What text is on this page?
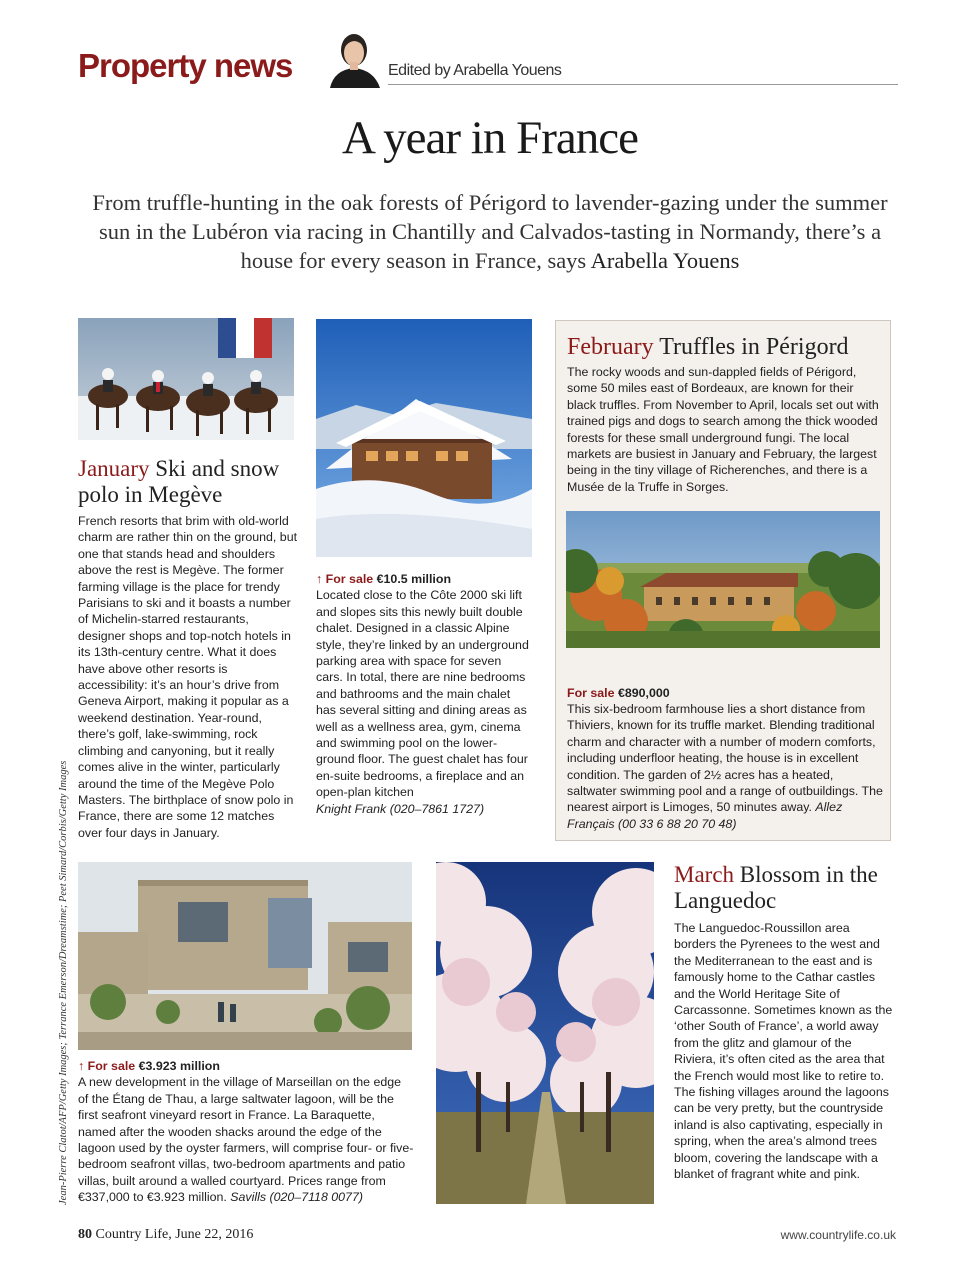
Property news	Edited by Arabella Youens
A year in France
From truffle-hunting in the oak forests of Périgord to lavender-gazing under the summer sun in the Lubéron via racing in Chantilly and Calvados-tasting in Normandy, there’s a house for every season in France, says Arabella Youens
January Ski and snow polo in Megève

French resorts that brim with old-world charm are rather thin on the ground, but one that stands head and shoulders above the rest is Megève. The former farming village is the place for trendy Parisians to ski and it boasts a number of Michelin-starred restaurants, designer shops and top-notch hotels in its 13th-century centre. What it does have above other resorts is accessibility: it’s an hour’s drive from Geneva Airport, making it popular as a weekend destination. Year-round, there’s golf, lake-swimming, rock climbing and canyoning, but it really comes alive in the winter, particularly around the time of the Megève Polo Masters. The birthplace of snow polo in France, there are some 12 matches over four days in January.

↑ For sale €10.5 million

Located close to the Côte 2000 ski lift and slopes sits this newly built double chalet. Designed in a classic Alpine style, they’re linked by an underground parking area with space for seven cars. In total, there are nine bedrooms and bathrooms and the main chalet has several sitting and dining areas as well as a wellness area, gym, cinema and swimming pool on the lower-ground floor. The guest chalet has four en-suite bedrooms, a fireplace and an open-plan kitchen

Knight Frank (020–7861 1727)

February Truffles in Périgord

The rocky woods and sun-dappled fields of Périgord, some 50 miles east of Bordeaux, are known for their black truffles. From November to April, locals set out with trained pigs and dogs to search among the thick wooded forests for these small underground fungi. The local markets are busiest in January and February, the largest being in the tiny village of Richerenches, and there is a Musée de la Truffe in Sorges.

For sale €890,000

This six-bedroom farmhouse lies a short distance from Thiviers, known for its truffle market. Blending traditional charm and character with a number of modern comforts, including underfloor heating, the house is in excellent condition. The garden of 2½ acres has a heated, saltwater swimming pool and a range of outbuildings. The nearest airport is Limoges, 50 minutes away. Allez Français (00 33 6 88 20 70 48)

Jean-Pierre Clatot/AFP/Getty Images; Terrance Emerson/Dreamstime; Peet Simard/Corbis/Getty Images ↑ For sale €3.923 million

A new development in the village of Marseillan on the edge of the Étang de Thau, a large saltwater lagoon, will be the first seafront vineyard resort in France. La Baraquette, named after the wooden shacks around the edge of the lagoon used by the oyster farmers, will comprise four- or five-bedroom seafront villas, two-bedroom apartments and patio villas, built around a walled courtyard. Prices range from €337,000 to €3.923 million. Savills (020–7118 0077)

March Blossom in the Languedoc

The Languedoc-Roussillon area borders the Pyrenees to the west and the Mediterranean to the east and is famously home to the Cathar castles and the World Heritage Site of Carcassonne. Sometimes known as the ‘other South of France’, a world away from the glitz and glamour of the Riviera, it’s often cited as the area that the French would most like to retire to. The fishing villages around the lagoons can be very pretty, but the countryside inland is also captivating, especially in spring, when the area’s almond trees bloom, covering the landscape with a blanket of fragrant white and pink.

80 Country Life, June 22, 2016	www.countrylife.co.uk
